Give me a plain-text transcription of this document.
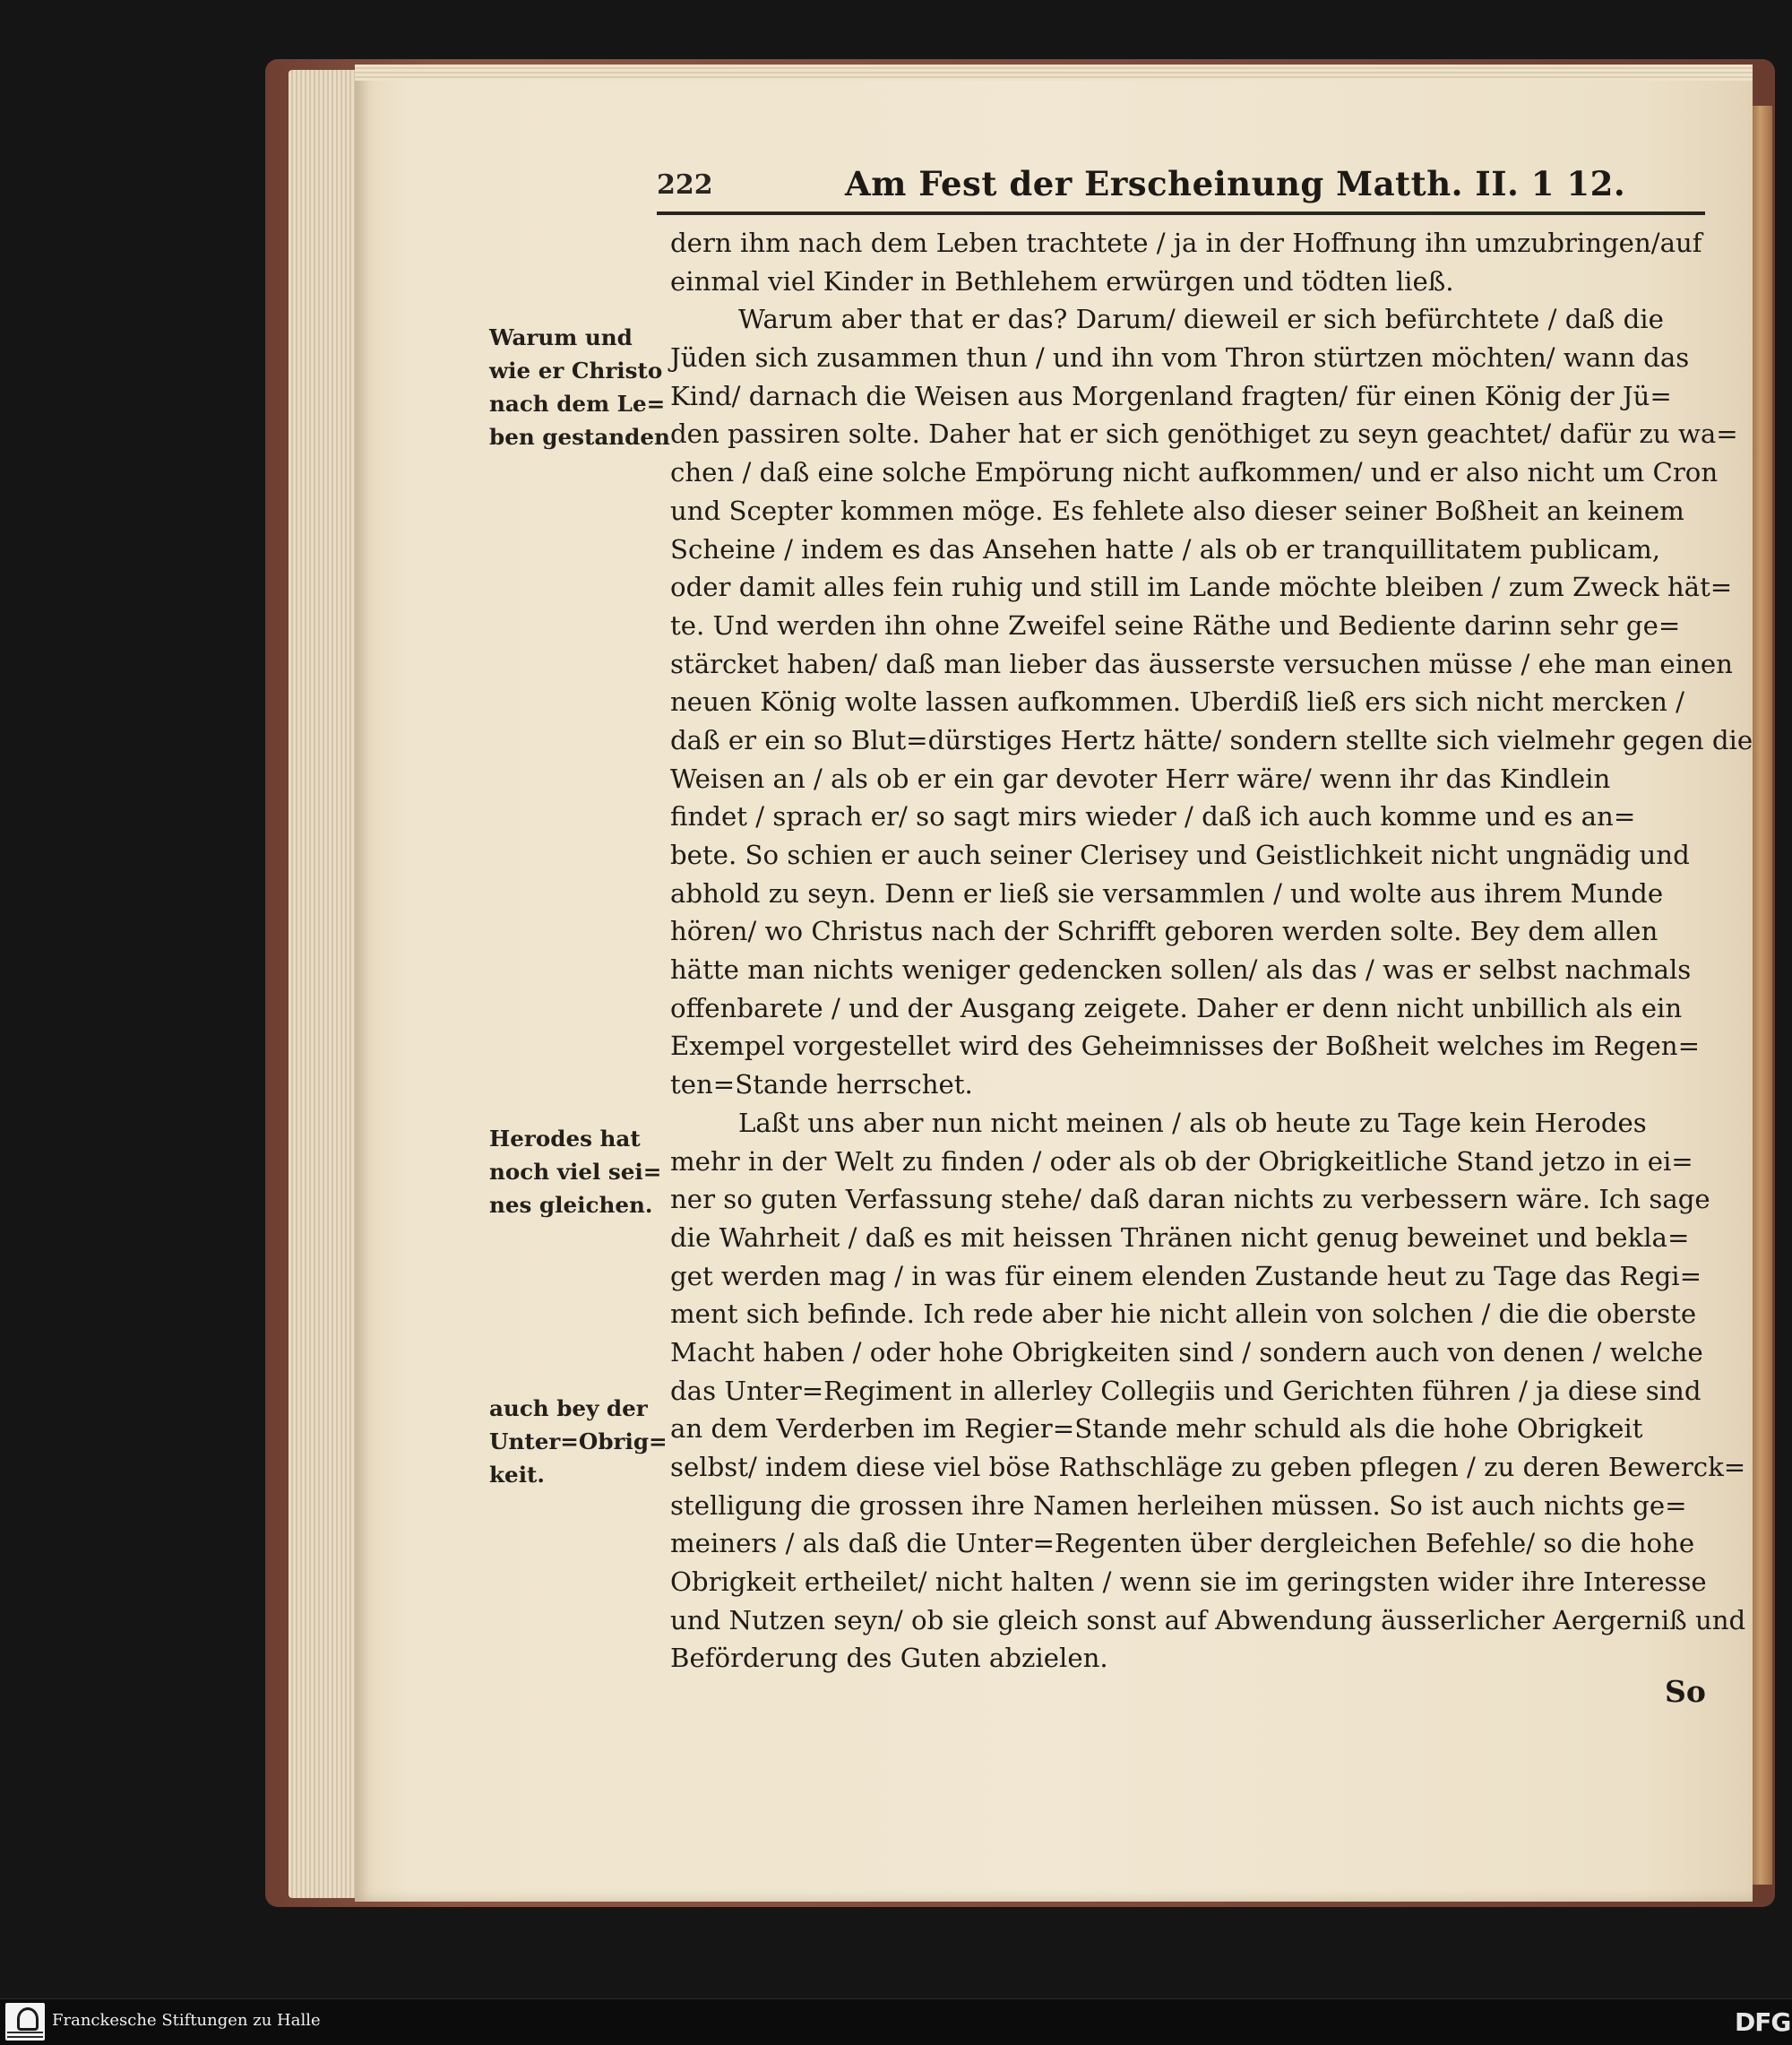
222	Am Fest der Erscheinung Matth. II. 1 12.
dern ihm nach dem Leben trachtete / ja in der Hoffnung ihn umzubringen/auf
einmal viel Kinder in Bethlehem erwürgen und tödten ließ.
Warum aber that er das? Darum/ dieweil er sich befürchtete / daß die
Jüden sich zusammen thun / und ihn vom Thron stürtzen möchten/ wann das
Kind/ darnach die Weisen aus Morgenland fragten/ für einen König der Jü=
den passiren solte. Daher hat er sich genöthiget zu seyn geachtet/ dafür zu wa=
chen / daß eine solche Empörung nicht aufkommen/ und er also nicht um Cron
und Scepter kommen möge. Es fehlete also dieser seiner Boßheit an keinem
Scheine / indem es das Ansehen hatte / als ob er tranquillitatem publicam,
oder damit alles fein ruhig und still im Lande möchte bleiben / zum Zweck hät=
te. Und werden ihn ohne Zweifel seine Räthe und Bediente darinn sehr ge=
stärcket haben/ daß man lieber das äusserste versuchen müsse / ehe man einen
neuen König wolte lassen aufkommen. Uberdiß ließ ers sich nicht mercken /
daß er ein so Blut=dürstiges Hertz hätte/ sondern stellte sich vielmehr gegen die
Weisen an / als ob er ein gar devoter Herr wäre/ wenn ihr das Kindlein
findet / sprach er/ so sagt mirs wieder / daß ich auch komme und es an=
bete. So schien er auch seiner Clerisey und Geistlichkeit nicht ungnädig und
abhold zu seyn. Denn er ließ sie versammlen / und wolte aus ihrem Munde
hören/ wo Christus nach der Schrifft geboren werden solte. Bey dem allen
hätte man nichts weniger gedencken sollen/ als das / was er selbst nachmals
offenbarete / und der Ausgang zeigete. Daher er denn nicht unbillich als ein
Exempel vorgestellet wird des Geheimnisses der Boßheit welches im Regen=
ten=Stande herrschet.
Laßt uns aber nun nicht meinen / als ob heute zu Tage kein Herodes
mehr in der Welt zu finden / oder als ob der Obrigkeitliche Stand jetzo in ei=
ner so guten Verfassung stehe/ daß daran nichts zu verbessern wäre. Ich sage
die Wahrheit / daß es mit heissen Thränen nicht genug beweinet und bekla=
get werden mag / in was für einem elenden Zustande heut zu Tage das Regi=
ment sich befinde. Ich rede aber hie nicht allein von solchen / die die oberste
Macht haben / oder hohe Obrigkeiten sind / sondern auch von denen / welche
das Unter=Regiment in allerley Collegiis und Gerichten führen / ja diese sind
an dem Verderben im Regier=Stande mehr schuld als die hohe Obrigkeit
selbst/ indem diese viel böse Rathschläge zu geben pflegen / zu deren Bewerck=
stelligung die grossen ihre Namen herleihen müssen. So ist auch nichts ge=
meiners / als daß die Unter=Regenten über dergleichen Befehle/ so die hohe
Obrigkeit ertheilet/ nicht halten / wenn sie im geringsten wider ihre Interesse
und Nutzen seyn/ ob sie gleich sonst auf Abwendung äusserlicher Aergerniß und
Beförderung des Guten abzielen.
Warum und
wie er Christo
nach dem Le=
ben gestanden
Herodes hat
noch viel sei=
nes gleichen.
auch bey der
Unter=Obrig=
keit.
So
Franckesche Stiftungen zu Halle	DFG
